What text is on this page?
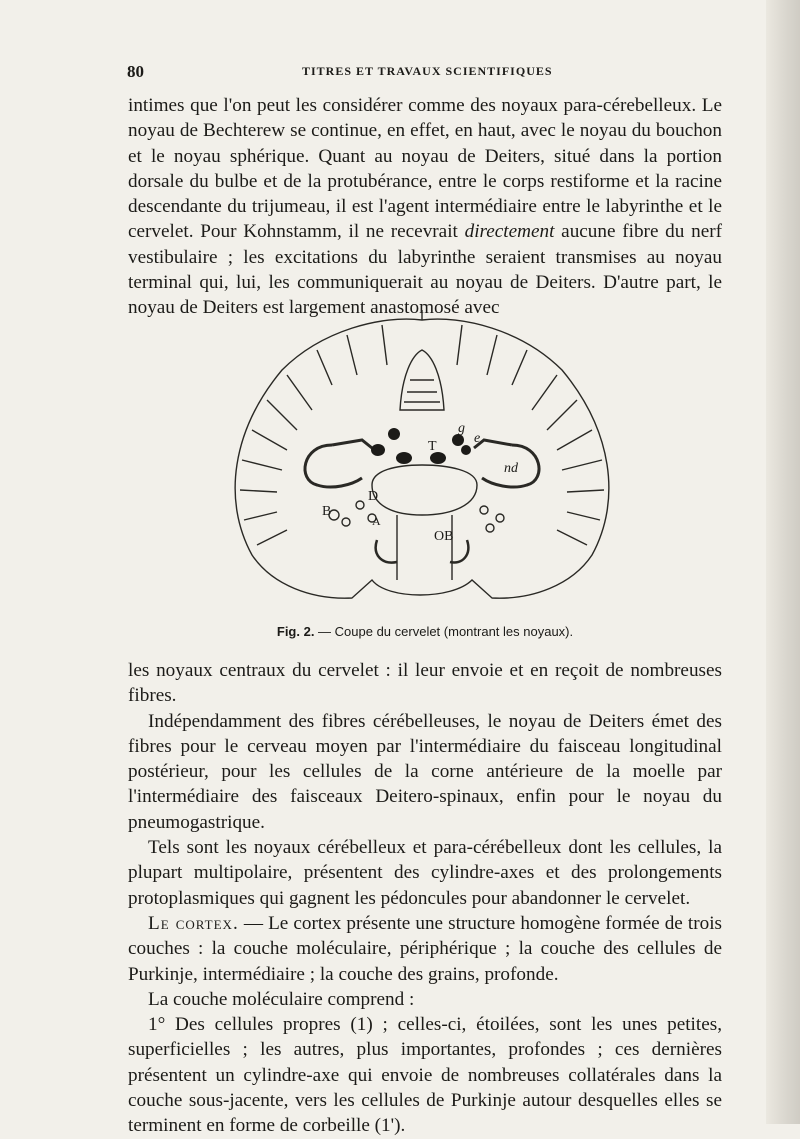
80	TITRES ET TRAVAUX SCIENTIFIQUES

intimes que l'on peut les considérer comme des noyaux para-cérebelleux. Le noyau de Bechterew se continue, en effet, en haut, avec le noyau du bouchon et le noyau sphérique. Quant au noyau de Deiters, situé dans la portion dorsale du bulbe et de la protubérance, entre le corps restiforme et la racine descendante du trijumeau, il est l'agent intermédiaire entre le labyrinthe et le cervelet. Pour Kohnstamm, il ne recevrait directement aucune fibre du nerf vestibulaire ; les excitations du labyrinthe seraient transmises au noyau terminal qui, lui, les communiquerait au noyau de Deiters. D'autre part, le noyau de Deiters est largement anastomosé avec

T
g
e
nd
D
B
A
OB
Fig. 2. — Coupe du cervelet (montrant les noyaux).

les noyaux centraux du cervelet : il leur envoie et en reçoit de nombreuses fibres.

Indépendamment des fibres cérébelleuses, le noyau de Deiters émet des fibres pour le cerveau moyen par l'intermédiaire du faisceau longitudinal postérieur, pour les cellules de la corne antérieure de la moelle par l'intermédiaire des faisceaux Deitero-spinaux, enfin pour le noyau du pneumogastrique.

Tels sont les noyaux cérébelleux et para-cérébelleux dont les cellules, la plupart multipolaire, présentent des cylindre-axes et des prolongements protoplasmiques qui gagnent les pédoncules pour abandonner le cervelet.

Le cortex. — Le cortex présente une structure homogène formée de trois couches : la couche moléculaire, périphérique ; la couche des cellules de Purkinje, intermédiaire ; la couche des grains, profonde.

La couche moléculaire comprend :

1° Des cellules propres (1) ; celles-ci, étoilées, sont les unes petites, superficielles ; les autres, plus importantes, profondes ; ces dernières présentent un cylindre-axe qui envoie de nombreuses collatérales dans la couche sous-jacente, vers les cellules de Purkinje autour desquelles elles se terminent en forme de corbeille (1').
